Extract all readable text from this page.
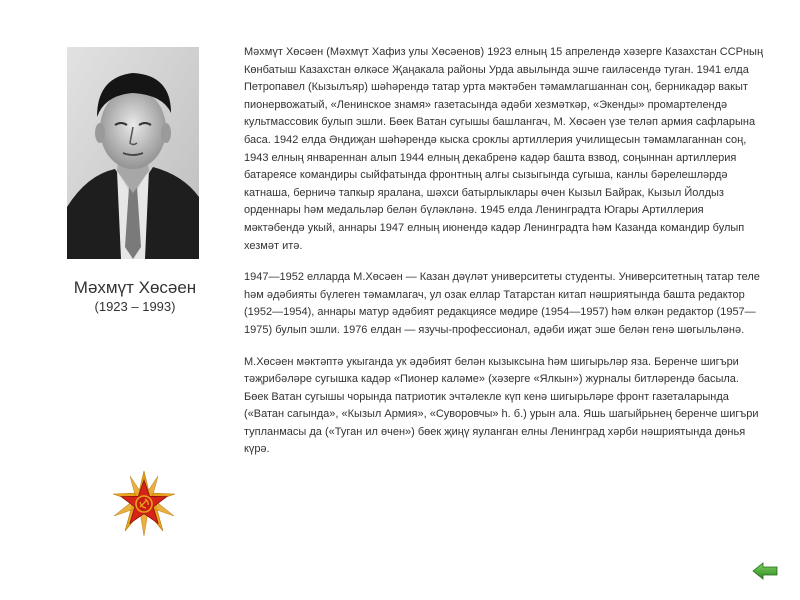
Мәхмүт Хөсәен
(1923 – 1993)

Мәхмүт Хөсәен (Мәхмүт Хафиз улы Хөсәенов) 1923 елның 15 апрелендә хәзерге Казахстан ССРның Көнбатыш Казахстан өлкәсе Җаңакала районы Урда авылында эшче гаиләсендә туган. 1941 елда Петропавел (Кызылъяр) шәһәрендә татар урта мәктәбен тәмамлагшаннан соң, берникадәр вакыт пионервожатый, «Ленинское знамя» газетасында әдәби хезмәткәр, «Экенды» промартелендә культмассовик булып эшли. Бөек Ватан сугышы башлангач, М. Хөсәен үзе теләп армия сафларына баса. 1942 елда Әндиҗан шәһәрендә кыска сроклы артиллерия училищесын тәмамлаганнан соң, 1943 елның январеннан алып 1944 елның декабренә кадәр башта взвод, соңыннан артиллерия батареясе командиры сыйфатында фронтның алгы сызыгында сугыша, канлы бәрелешләрдә катнаша, берничә тапкыр яралана, шәхси батырлыклары өчен Кызыл Байрак, Кызыл Йолдыз орденнары һәм медальләр белән бүләкләнә. 1945 елда Ленинградта Югары Артиллерия мәктәбендә укый, аннары 1947 елның июнендә кадәр Ленинградта һәм Казанда командир булып хезмәт итә.

1947—1952 елларда М.Хөсәен — Казан дәүләт университеты студенты. Университетның татар теле һәм әдәбияты бүлеген тәмамлагач, ул озак еллар Татарстан китап нәшриятында башта редактор (1952—1954), аннары матур әдәбият редакциясе мөдире (1954—1957) һәм өлкән редактор (1957—1975) булып эшли. 1976 елдан — язучы-профессионал, әдәби иҗат эше белән генә шөгыльләнә.

М.Хөсәен мәктәптә укыганда ук әдәбият белән кызыксына һәм шигырьләр яза. Беренче шигъри тәҗрибәләре сугышка кадәр «Пионер каләме» (хәзерге «Ялкын») журналы битләрендә басыла. Бөек Ватан сугышы чорында патриотик эчтәлекле күп кенә шигырьләре фронт газеталарында («Ватан сагында», «Кызыл Армия», «Суворовчы» һ. б.) урын ала. Яшь шагыйрьнең беренче шигъри тупланмасы да («Туган ил өчен») бөек җиңү яуланган елны Ленинград хәрби нәшриятында дөнья күрә.
